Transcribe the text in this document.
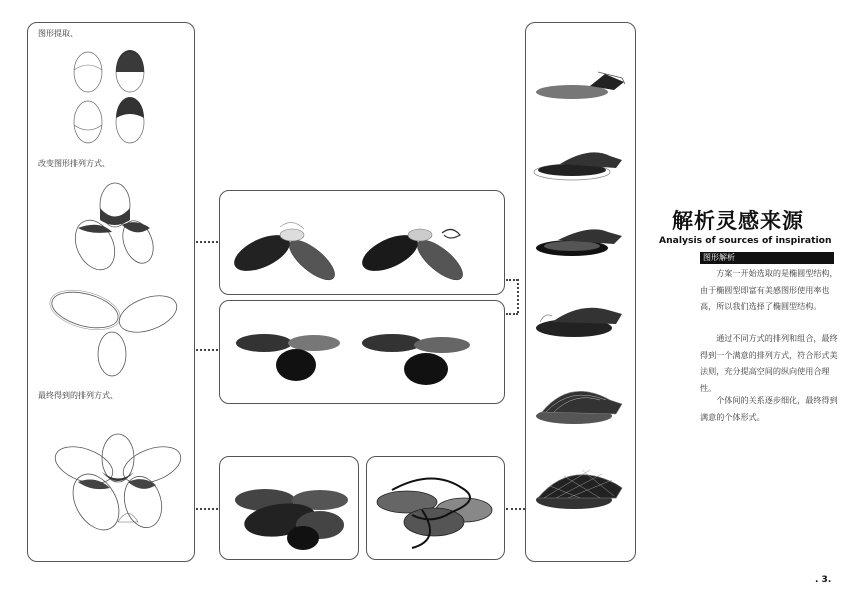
图形提取、
改变图形排列方式、
最终得到的排列方式、
解析灵感来源
Analysis of sources of inspiration
图形解析
方案一开始选取的是椭圆型结构，由于椭圆型即富有美感图形使用率也高，所以我们选择了椭圆型结构。
通过不同方式的排列和组合，最终得到一个满意的排列方式，符合形式美法则，充分提高空间的纵向使用合理性。
个体间的关系逐步细化，最终得到满意的个体形式。
. 3.
